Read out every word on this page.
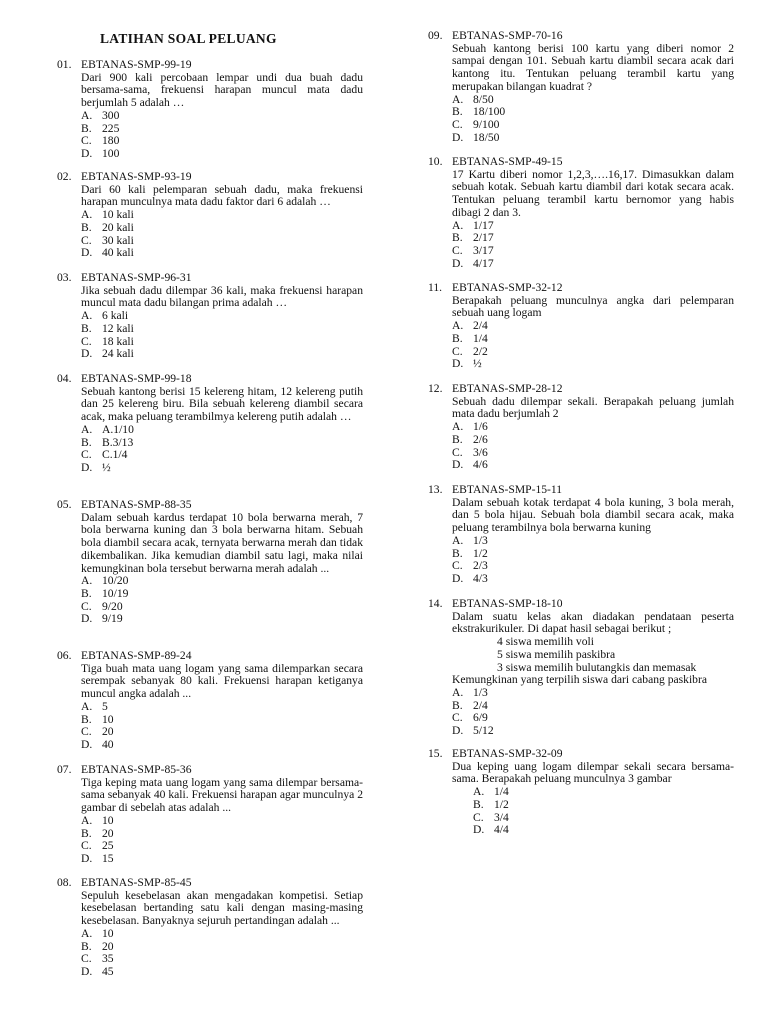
LATIHAN SOAL PELUANG
01. EBTANAS-SMP-99-19
Dari 900 kali percobaan lempar undi dua buah dadu bersama-sama, frekuensi harapan muncul mata dadu berjumlah 5 adalah …
A. 300
B. 225
C. 180
D. 100
02. EBTANAS-SMP-93-19
Dari 60 kali pelemparan sebuah dadu, maka frekuensi harapan munculnya mata dadu faktor dari 6 adalah …
A. 10 kali
B. 20 kali
C. 30 kali
D. 40 kali
03. EBTANAS-SMP-96-31
Jika sebuah dadu dilempar 36 kali, maka frekuensi harapan muncul mata dadu bilangan prima adalah …
A. 6 kali
B. 12 kali
C. 18 kali
D. 24 kali
04. EBTANAS-SMP-99-18
Sebuah kantong berisi 15 kelereng hitam, 12 kelereng putih dan 25 kelereng biru. Bila sebuah kelereng diambil secara acak, maka peluang terambilmya kelereng putih adalah …
A. A.1/10
B. B.3/13
C. C.1/4
D. ½
05. EBTANAS-SMP-88-35
Dalam sebuah kardus terdapat 10 bola berwarna merah, 7 bola berwarna kuning dan 3 bola berwarna hitam. Sebuah bola diambil secara acak, ternyata berwarna merah dan tidak dikembalikan. Jika kemudian diambil satu lagi, maka nilai kemungkinan bola tersebut berwarna merah adalah ...
A. 10/20
B. 10/19
C. 9/20
D. 9/19
06. EBTANAS-SMP-89-24
Tiga buah mata uang logam yang sama dilemparkan secara serempak sebanyak 80 kali. Frekuensi harapan ketiganya muncul angka adalah ...
A. 5
B. 10
C. 20
D. 40
07. EBTANAS-SMP-85-36
Tiga keping mata uang logam yang sama dilempar bersama-sama sebanyak 40 kali. Frekuensi harapan agar munculnya 2 gambar di sebelah atas adalah ...
A. 10
B. 20
C. 25
D. 15
08. EBTANAS-SMP-85-45
Sepuluh kesebelasan akan mengadakan kompetisi. Setiap kesebelasan bertanding satu kali dengan masing-masing kesebelasan. Banyaknya sejuruh pertandingan adalah ...
A. 10
B. 20
C. 35
D. 45
09. EBTANAS-SMP-70-16
Sebuah kantong berisi 100 kartu yang diberi nomor 2 sampai dengan 101. Sebuah kartu diambil secara acak dari kantong itu. Tentukan peluang terambil kartu yang merupakan bilangan kuadrat ?
A. 8/50
B. 18/100
C. 9/100
D. 18/50
10. EBTANAS-SMP-49-15
17 Kartu diberi nomor 1,2,3,….16,17. Dimasukkan dalam sebuah kotak. Sebuah kartu diambil dari kotak secara acak. Tentukan peluang terambil kartu bernomor yang habis dibagi 2 dan 3.
A. 1/17
B. 2/17
C. 3/17
D. 4/17
11. EBTANAS-SMP-32-12
Berapakah peluang munculnya angka dari pelemparan sebuah uang logam
A. 2/4
B. 1/4
C. 2/2
D. ½
12. EBTANAS-SMP-28-12
Sebuah dadu dilempar sekali. Berapakah peluang jumlah mata dadu berjumlah 2
A. 1/6
B. 2/6
C. 3/6
D. 4/6
13. EBTANAS-SMP-15-11
Dalam sebuah kotak terdapat 4 bola kuning, 3 bola merah, dan 5 bola hijau. Sebuah bola diambil secara acak, maka peluang terambilnya bola berwarna kuning
A. 1/3
B. 1/2
C. 2/3
D. 4/3
14. EBTANAS-SMP-18-10
Dalam suatu kelas akan diadakan pendataan peserta ekstrakurikuler. Di dapat hasil sebagai berikut ;
4 siswa memilih voli
5 siswa memilih paskibra
3 siswa memilih bulutangkis dan memasak
Kemungkinan yang terpilih siswa dari cabang paskibra
A. 1/3
B. 2/4
C. 6/9
D. 5/12
15. EBTANAS-SMP-32-09
Dua keping uang logam dilempar sekali secara bersama-sama. Berapakah peluang munculnya 3 gambar
A. 1/4
B. 1/2
C. 3/4
D. 4/4
